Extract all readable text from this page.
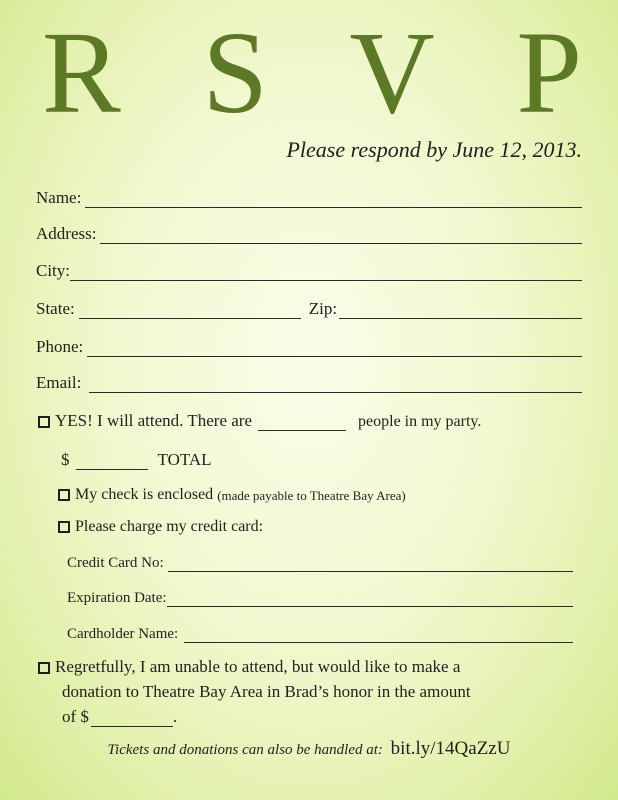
R S V P
Please respond by June 12, 2013.
Name:
Address:
City:
State:	Zip:
Phone:
Email:
YES! I will attend. There are	people in my party.
$	TOTAL
My check is enclosed (made payable to Theatre Bay Area)
Please charge my credit card:
Credit Card No:
Expiration Date:
Cardholder Name:
Regretfully, I am unable to attend, but would like to make a
donation to Theatre Bay Area in Brad’s honor in the amount
of $	.
Tickets and donations can also be handled at: bit.ly/14QaZzU
